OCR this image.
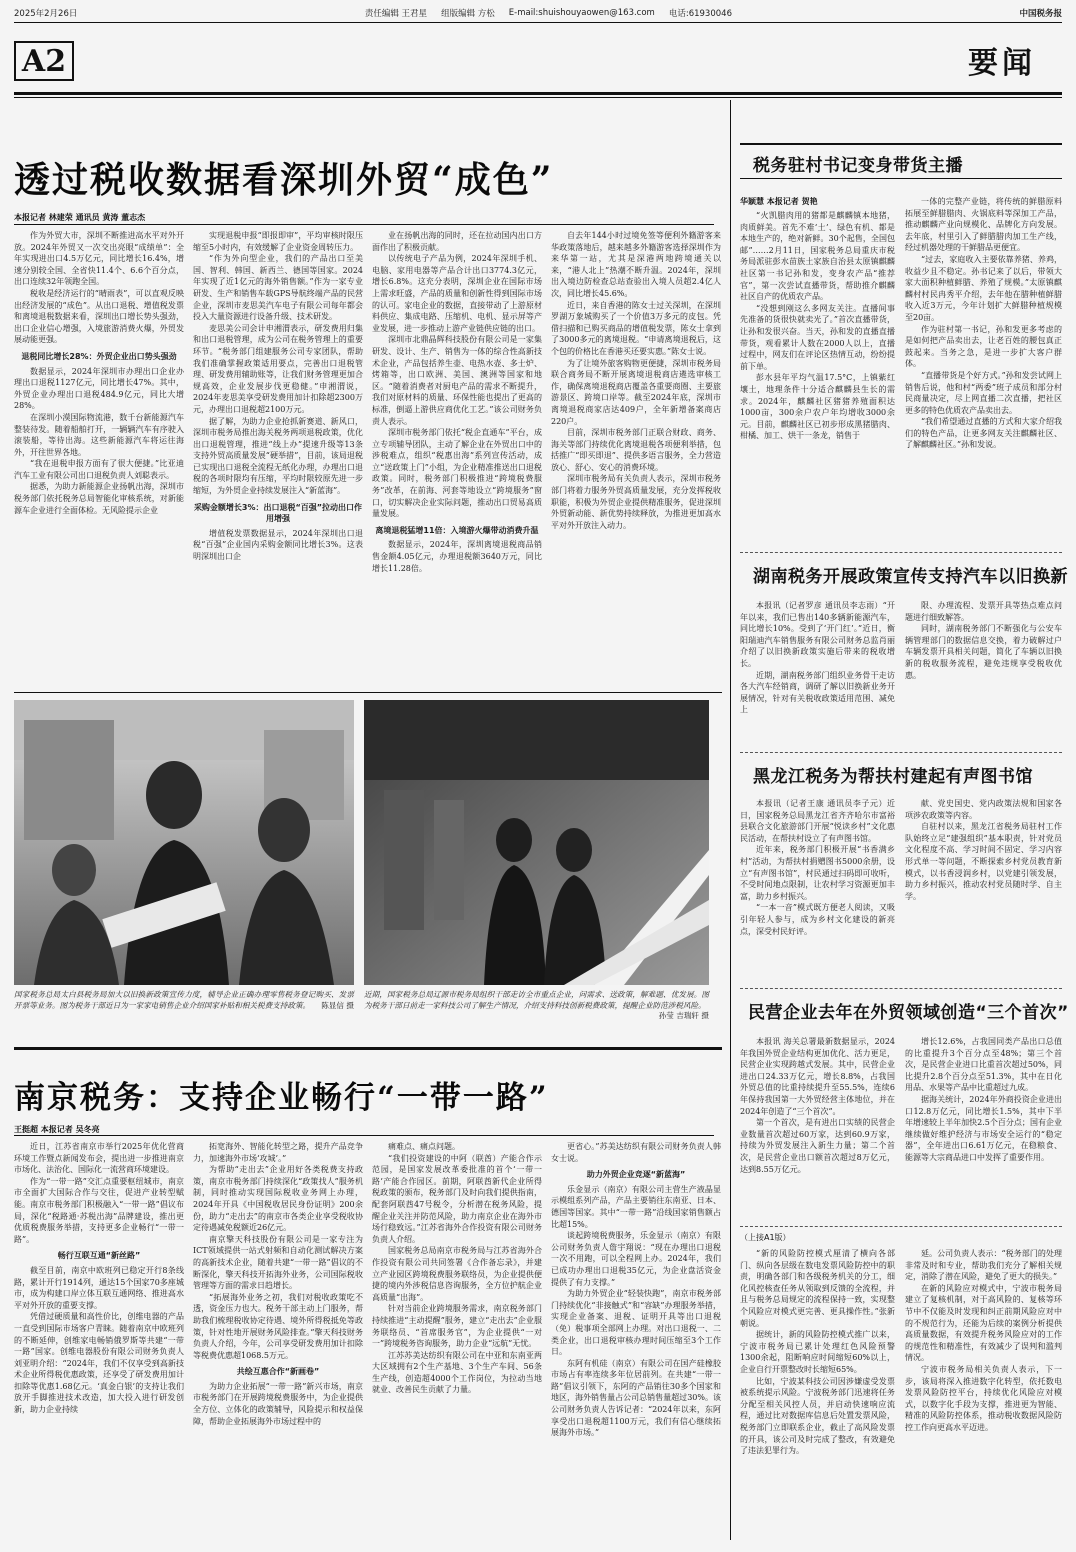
2025年2月26日	责任编辑 王君星 组版编辑 方松 E-mail:shuishouyaowen@163.com 电话:61930046	中国税务报
A2	要闻
透过税收数据看深圳外贸“成色”
本报记者 林建荣 通讯员 黄涛 董志杰

作为外贸大市，深圳不断推进高水平对外开放。2024年外贸又一次交出亮眼“成绩单”：全年实现进出口4.5万亿元，同比增长16.4%，增速分别较全国、全省快11.4个、6.6个百分点，出口连续32年领跑全国。

税收是经济运行的“晴雨表”，可以直观反映出经济发展的“成色”。从出口退税、增值税发票和离境退税数据来看，深圳出口增长势头强劲，出口企业信心增强，入境旅游消费火爆，外贸发展动能更强。

退税同比增长28%：外贸企业出口势头强劲

数据显示，2024年深圳市办理出口企业办理出口退税1127亿元，同比增长47%。其中，外贸企业办理出口退税484.9亿元，同比大增28%。

在深圳小漠国际物流港，数千台新能源汽车整装待发。随着船舶打开，一辆辆汽车有序驶入滚装船，等待出海。这些新能源汽车将运往海外，开往世界各地。

“我在退税申报方面有了很大便捷。”比亚迪汽车工业有限公司出口退税负责人刘聪表示。

据悉，为助力新能源企业扬帆出海，深圳市税务部门依托税务总局智能化审核系统，对新能源车企业进行全面体检。无风险提示企业

实现退税申报“即报即审”，平均审核时限压缩至5小时内，有效缓解了企业资金周转压力。

“作为外向型企业，我们的产品出口至美国、智利、韩国、新西兰、德国等国家。2024年实现了近1亿元的海外销售额。”作为一家专业研发、生产和销售车载GPS导航终端产品的民营企业，深圳市麦思美汽车电子有限公司每年都会投入大量资源进行设备升级、技术研发。

麦思美公司会计申湘渭表示，研发费用归集和出口退税管理，成为公司在税务管理上的重要环节。“税务部门组建服务公司专家团队，帮助我们准确掌握政策适用要点，完善出口退税管理、研发费用辅助账等，让我们财务管理更加合规高效，企业发展步伐更稳健。”申湘渭说，2024年麦思美享受研发费用加计扣除超2300万元，办理出口退税超2100万元。

据了解，为助力企业抢抓新赛道、新风口，深圳市税务局推出海关税务两项退税政策，优化出口退税管理，推进“线上办”提速升级等13条支持外贸高质量发展“硬举措”，目前，该局退税已实现出口退税全流程无纸化办理，办理出口退税的各项时限均有压缩，平均时限较原先进一步缩短，为外贸企业持续发展注入“新蓝海”。

采购金额增长3%：出口退税“百强”拉动出口作用增强

增值税发票数据显示，2024年深圳出口退税“百强”企业国内采购金额同比增长3%。这表明深圳出口企

业在扬帆出海的同时，还在拉动国内出口方面作出了积极贡献。

以传统电子产品为例，2024年深圳手机、电脑、家用电器等产品合计出口3774.3亿元，增长6.8%。这充分表明，深圳企业在国际市场上需求旺盛，产品的质量和创新性得到国际市场的认可。家电企业的数据，直接带动了上游原材料供应、集成电路、压缩机、电机、显示屏等产业发展，进一步推动上游产业链供应链的出口。

深圳市北鼎晶辉科技股份有限公司是一家集研发、设计、生产、销售为一体的综合性高新技术企业，产品包括养生壶、电热水壶、多士炉、烤箱等，出口欧洲、美国、澳洲等国家和地区。“随着消费者对厨电产品的需求不断提升，我们对原材料的质量、环保性能也提出了更高的标准，倒逼上游供应商优化工艺。”该公司财务负责人表示。

深圳市税务部门依托“税企直通车”平台，成立专项辅导团队，主动了解企业在外贸出口中的涉税难点，组织“税惠出海”系列宣传活动，成立“送政策上门”小组，为企业精准推送出口退税政策。同时，税务部门积极推进“跨境税费服务”改革，在前海、河套等地设立“跨境服务”窗口，切实解决企业实际问题，推动出口贸易高质量发展。

离境退税猛增11倍：入境游火爆带动消费升温

数据显示，2024年，深圳离境退税商品销售金额4.05亿元，办理退税额3640万元，同比增长11.28倍。

自去年144小时过境免签等便利外籍游客来华政策落地后，越来越多外籍游客选择深圳作为来华第一站，尤其是深港两地跨境通关以来，“港人北上”热潮不断升温。2024年，深圳出入境边防检查总站查验出入境人员超2.4亿人次，同比增长45.6%。

近日，来自香港的陈女士过关深圳，在深圳罗湖万象城购买了一个价值3万多元的皮包。凭借扫描和已购买商品的增值税发票，陈女士拿到了3000多元的离境退税。“申请离境退税后，这个包的价格比在香港买还要实惠。”陈女士说。

为了让境外旅客购物更便捷，深圳市税务局联合商务局不断开展离境退税商店遴选审核工作，确保离境退税商店覆盖各重要商圈、主要旅游景区、跨境口岸等。截至2024年底，深圳市离境退税商家店达409户，全年新增备案商店220户。

目前，深圳市税务部门正联合财政、商务、海关等部门持续优化离境退税各项便利举措，包括推广“即买即退”、提供多语言服务，全力营造放心、舒心、安心的消费环境。

深圳市税务局有关负责人表示，深圳市税务部门将着力服务外贸高质量发展，充分发挥税收职能，积极为外贸企业提供精准服务，促进深圳外贸新动能、新优势持续释放，为推进更加高水平对外开放注入动力。

国家税务总局太白县税务局加大以旧换新政策宣传力度，辅导企业正确办理零售税务登记购买、发票开票等业务。图为税务干部近日为一家家电销售企业介绍国家补贴和相关税费支持政策。 陈显信 摄
近期，国家税务总局辽源市税务局组织干部走访全市重点企业，问需求、送政策，解难题、优发展。图为税务干部日前走一家科技公司了解生产情况，介绍支持科技创新税费政策，提醒企业防范涉税风险。
孙莹 吉瑞轩 摄
南京税务：支持企业畅行“一带一路”
王挺超 本报记者 吴冬亮

近日，江苏省南京市举行2025年优化营商环境工作暨点新闻发布会，提出进一步推进南京市场化、法治化、国际化一流营商环境建设。

作为“一带一路”交汇点重要枢纽城市，南京市全面扩大国际合作与交往，促进产业转型赋能。南京市税务部门积极融入“一带一路”倡议布局，深化“税路通·苏税出海”品牌建设，推出更优质税费服务举措，支持更多企业畅行“一带一路”。

畅行互联互通“新丝路”

截至目前，南京中欧班列已稳定开行8条线路，累计开行1914列，通达15个国家70多座城市，成为构建口岸立体互联互通网络、推进高水平对外开放的重要支撑。

凭借过硬质量和高性价比，创维电器的产品一直受到国际市场客户青睐。随着南京中欧班列的不断延伸，创维家电畅销俄罗斯等共建“一带一路”国家。创维电器股份有限公司财务负责人刘亚明介绍：“2024年，我们不仅享受到高新技术企业所得税优惠政策，还享受了研发费用加计扣除等优惠1.68亿元。‘真金白银’的支持让我们放开手脚推进技术改造，加大投入进行研发创新，助力企业持续

拓宽海外、智能化转型之路，提升产品竞争力，加速海外市场‘攻城’。”

为帮助“走出去”企业用好各类税费支持政策，南京市税务部门持续深化“政策找人”服务机制，同时推动实现国际税收业务网上办理，2024年开具《中国税收居民身份证明》200余份，助力“走出去”的南京市各类企业享受税收协定待遇减免税额近26亿元。

南京擎天科技股份有限公司是一家专注为ICT领域提供一站式射频和自动化测试解决方案的高新技术企业，随着共建“一带一路”倡议的不断深化，擎天科技开拓海外业务，公司国际税收管理等方面的需求日趋增长。

“拓展海外业务之初，我们对税收政策吃不透，资金压力也大。税务干部主动上门服务，帮助我们梳理税收协定待遇、境外所得税抵免等政策，针对性地开展财务风险排查。”擎天科技财务负责人介绍，今年，公司享受研发费用加计扣除等税费优惠超1068.5万元。

共绘互惠合作“新画卷”

为助力企业拓展“一带一路”新兴市场，南京市税务部门在开展跨境税费服务中，为企业提供全方位、立体化的政策辅导，风险提示和权益保障，帮助企业拓展海外市场过程中的

痛难点、痛点问题。

“我们投资建设的中阿（联酋）产能合作示范园，是国家发展改革委批准的首个‘一带一路’产能合作园区。前期，阿联酋新代企业所得税政策的颁布，税务部门及时向我们提供指南，配套阿联酋47号税令，分析潜在税务风险，提醒企业关注并防范风险，助力南京企业在海外市场行稳致远。”江苏省海外合作投资有限公司财务负责人介绍。

国家税务总局南京市税务局与江苏省海外合作投资有限公司共同签署《合作备忘录》，并建立产业园区跨境税费服务联络员，为企业提供便捷的境内外涉税信息咨询服务，全方位护航企业高质量“出海”。

针对当前企业跨境服务需求，南京税务部门持续推进“主动提醒”服务，建立“走出去”企业服务联络员、“首席服务官”，为企业提供“一对一”跨境税务咨询服务，助力企业“远航”无忧。

江苏苏美达纺织有限公司在中亚和东南亚两大区域拥有2个生产基地、3个生产车间、56条生产线，创造超4000个工作岗位，为拉动当地就业、改善民生贡献了力量。

更省心。”苏美达纺织有限公司财务负责人韩女士说。

助力外贸企业竞逐“新蓝海”

乐金显示（南京）有限公司主营生产液晶显示模组系列产品，产品主要销往东南亚、日本、德国等国家。其中“一带一路”沿线国家销售额占比超15%。

谈起跨境税费服务，乐金显示（南京）有限公司财务负责人詹宇翔说：“现在办理出口退税一次不用跑，可以全程网上办。2024年，我们已成功办理出口退税35亿元，为企业盘活资金提供了有力支撑。”

为助力外贸企业“轻装快跑”，南京市税务部门持续优化“非接触式”和“容缺”办理服务举措，实现企业备案、退税、证明开具等出口退税（免）税事项全部网上办理。对出口退税一、二类企业，出口退税审核办理时间压缩至3个工作日。

东阿有机硅（南京）有限公司在国产硅橡胶市场占有率连续多年位居前列。在共建“一带一路”倡议引领下，东阿的产品销往30多个国家和地区，海外销售量占公司总销售量超过30%。该公司财务负责人告诉记者：“2024年以来，东阿享受出口退税超1100万元，我们有信心继续拓展海外市场。”

税务驻村书记变身带货主播
华颖慧 本报记者 贺艳

“火凯腊肉用的猪都是麒麟镇本地猪，肉质鲜美。首先不难‘土’、绿色有机、都是本地生产的，绝对新鲜。30个起售，全国包邮”……2月11日，国家税务总局重庆市税务局派驻彭水苗族土家族自治县太原镇麒麟社区第一书记孙和发，变身农产品“推荐官”，第一次尝试直播带货，帮助推介麒麟社区自产的优质农产品。

“没想到刚这么多网友关注。直播间事先准备的货很快就卖光了。”首次直播带货，让孙和发很兴奋。当天，孙和发的直播直播带货，观看累计人数在2000人以上，直播过程中，网友们在评论区热情互动，纷纷提前下单。

彭水县年平均气温17.5°C，上镇紫红壤土，地理条件十分适合麒麟县生长的需求。2024年，麒麟社区猪猪养殖面积达1000亩，300余户农户年均增收3000余元。目前，麒麟社区已初步形成黑猪腊肉、柑橘、加工、烘干一条龙，销售于

一体的完整产业链，将传统的鲜腊原料拓展至鲜腊腊肉、火锅底料等深加工产品，推动麒麟产业向规模化、品牌化方向发展。去年底，村里引入了鲜腊腊肉加工生产线，经过机器处理的干鲜腊品更便宜。

“过去，家庭收入主要依靠养猪、养鸡，收益少且不稳定。孙书记来了以后，带领大家大面积种植鲜腊、养殖了规模。”太原镇麒麟村村民冉秀平介绍，去年他在腊种植鲜腊收入近3万元，今年计划扩大鲜腊种植规模至20亩。

作为驻村第一书记，孙和发更多考虑的是如何把产品卖出去，让老百姓的腰包真正鼓起来。当务之急，是进一步扩大客户群体。

“直播带货是个好方式。”孙和发尝试网上销售后说，他和村“两委”班子成员和部分村民商量决定，尽上网直播二次直播，把社区更多的特色优质农产品卖出去。

“我们希望通过直播的方式和大家介绍我们的特色产品，让更多网友关注麒麟社区、了解麒麟社区。”孙和发说。

湖南税务开展政策宣传支持汽车以旧换新

本报讯（记者罗彦 通讯员李志雨）“开年以来，我们已售出140多辆新能源汽车，同比增长10%。受到了‘开门红’。”近日，衡阳瑞迪汽车销售服务有限公司财务总监肖丽介绍了以旧换新政策实施后带来的税收增长。

近期，湖南税务部门组织业务骨干走访各大汽车经销商，调研了解以旧换新业务开展情况，针对有关税收政策适用范围、减免上

限、办理流程、发票开具等热点难点问题进行细致解答。

同时，湖南税务部门不断强化与公安车辆管理部门的数据信息交换，着力破解过户车辆发票开具相关问题，简化了车辆以旧换新的税收服务流程，避免违规享受税收优惠。

黑龙江税务为帮扶村建起有声图书馆

本报讯（记者王康 通讯员李子元）近日，国家税务总局黑龙江省齐齐哈尔市富裕县联合文化旅游部门开展“悦读乡村”文化惠民活动，在帮扶村设立了有声图书馆。

近年来，税务部门积极开展“书香满乡村”活动，为帮扶村捐赠图书5000余册，设立“有声图书馆”，村民通过扫码即可收听，不受时间地点限制，让农村学习资源更加丰富，助力乡村振兴。

“一本一音”模式既方便老人阅读，又吸引年轻人参与，成为乡村文化建设的新亮点，深受村民好评。

献、党史国史、党内政策法规和国家各项涉农政策等内容。

自驻村以来，黑龙江省税务局驻村工作队始终立足“建强组织”基本职责，针对党员文化程度不高、学习时间不固定、学习内容形式单一等问题，不断探索乡村党员教育新模式，以书香浸润乡村，以党建引领发展，助力乡村振兴，推动农村党员随时学、自主学。

民营企业去年在外贸领域创造“三个首次”

本报讯 海关总署最新数据显示，2024年我国外贸企业结构更加优化、活力更足，民营企业实现跨越式发展。其中，民营企业进出口24.33万亿元，增长8.8%，占我国外贸总值的比重持续提升至55.5%，连续6年保持我国第一大外贸经营主体地位，并在2024年创造了“三个首次”。

第一个首次，是有进出口实绩的民营企业数量首次超过60万家，达到60.9万家，持续为外贸发展注入新生力量；第二个首次，是民营企业出口额首次超过8万亿元，达到8.55万亿元。

增长12.6%，占我国同类产品出口总值的比重提升3个百分点至48%；第三个首次，是民营企业进口比重首次超过50%，同比提升2.8个百分点至51.3%，其中在日化用品、水果等产品中比重超过九成。

据海关统计，2024年外商投资企业进出口12.8万亿元，同比增长1.5%，其中下半年增速较上半年加快2.5个百分点；国有企业继续做好维护经济与市场安全运行的“稳定器”，全年进出口6.61万亿元，在稳粮食、能源等大宗商品进口中发挥了重要作用。

（上接A1版）

“新的风险防控模式厘清了横向各部门、纵向各层级在数电发票风险防控中的职责，明确各部门和各级税务机关的分工，细化风控核查任务从领取到反馈的全流程，并且与税务总局规定的流程保持一致，实现整个风险应对模式更完善、更具操作性。”张新朝说。

据统计，新的风险防控模式推广以来，宁波市税务局已累计处理红色风险预警1300余起，阻断响应时间缩短60%以上，企业自行开票整改时长缩短65%。

比如，宁波某科技公司因涉嫌虚受发票被系统提示风险。宁波税务部门迅速将任务分配至相关风控人员，并启动快速响应流程，通过比对数据库信息后处置发票风险，税务部门立即联系企业，截止了高风险发票的开具，该公司及时完成了整改，有效避免了违法犯罪行为。

延。公司负责人表示：“税务部门的处理非常及时和专业，帮助我们充分了解相关规定，消除了潜在风险，避免了更大的损失。”

在新的风险应对模式中，宁波市税务局建立了复核机制，对于高风险的、复核等环节中不仅能及时发现和纠正前期风险应对中的不规范行为，还能为后续的案例分析提供高质量数据，有效提升税务风险应对的工作的规范性和精准性，有效减少了误判和滥判情况。

宁波市税务局相关负责人表示，下一步，该局将深入推进数字化转型，依托数电发票风险防控平台，持续优化风险应对模式，以数字化手段为支撑，推进更为智能、精准的风险防控体系，推动税收数据风险防控工作向更高水平迈进。
